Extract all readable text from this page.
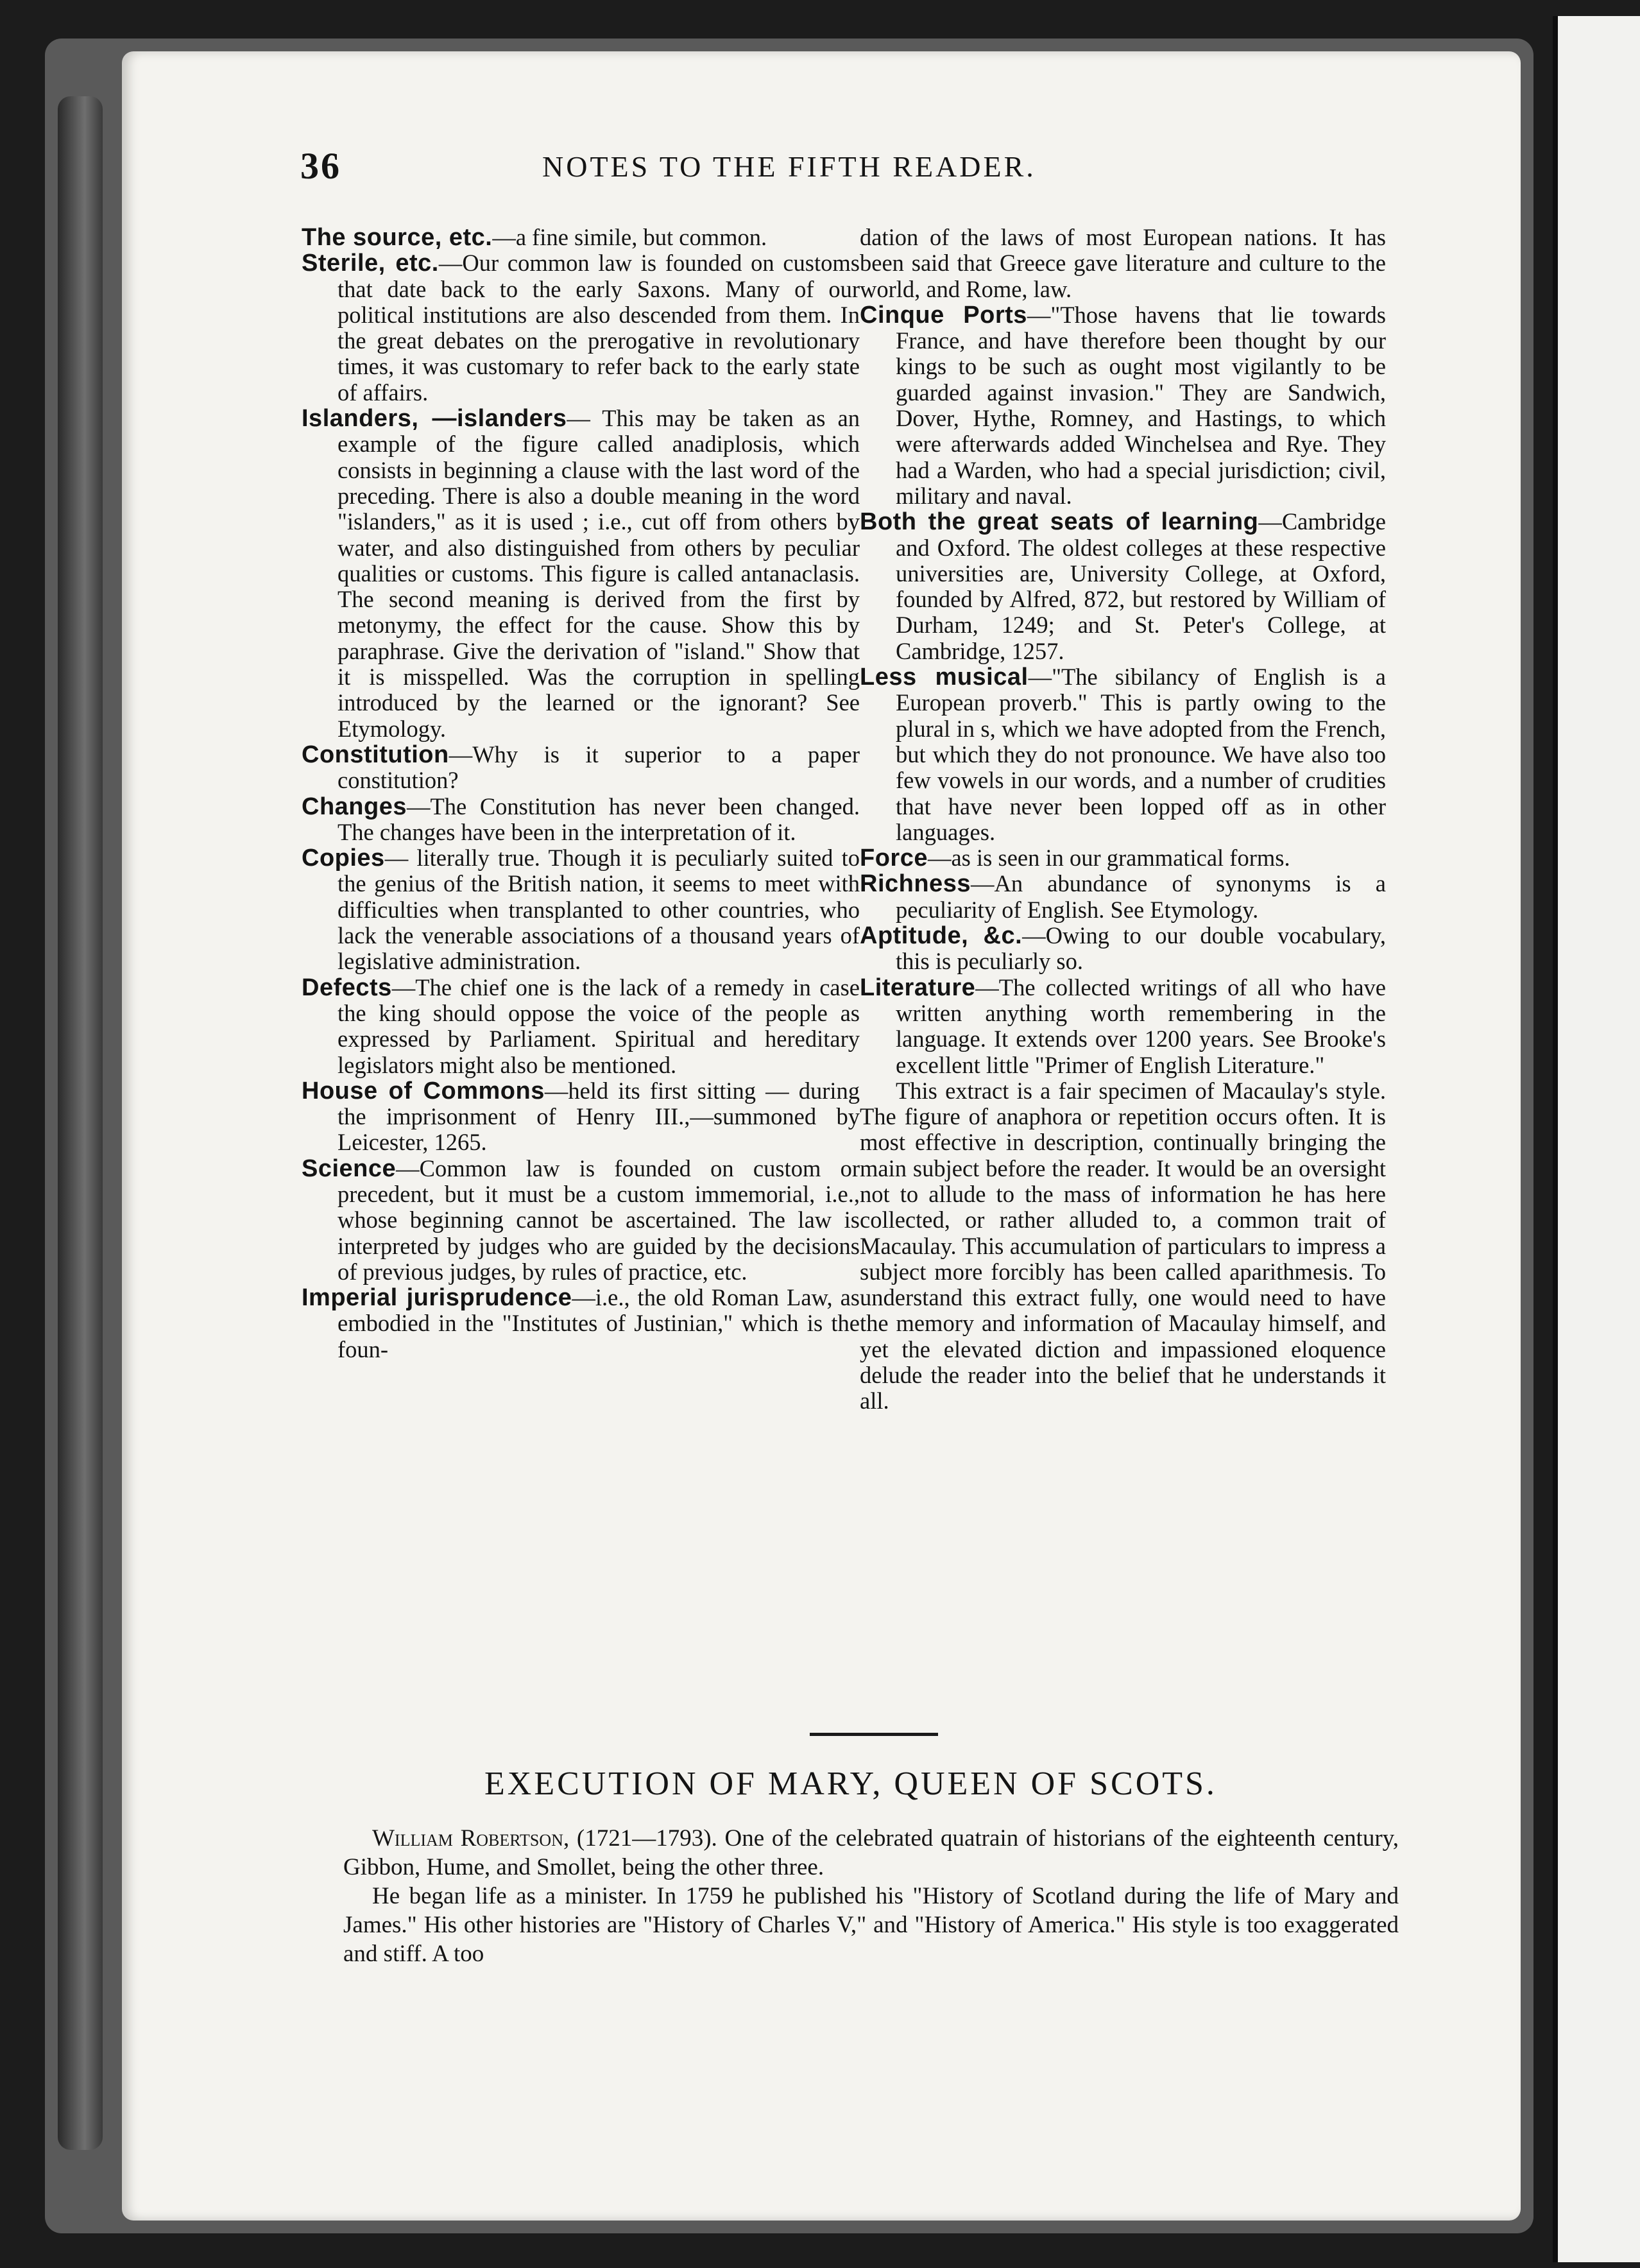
36	NOTES TO THE FIFTH READER.

The source, etc.—a fine simile, but common.

Sterile, etc.—Our common law is founded on customs that date back to the early Saxons. Many of our political institutions are also descended from them. In the great debates on the prerogative in revolutionary times, it was customary to refer back to the early state of affairs.

Islanders, —islanders— This may be taken as an example of the figure called anadiplosis, which consists in beginning a clause with the last word of the preceding. There is also a double meaning in the word "islanders," as it is used ; i.e., cut off from others by water, and also distinguished from others by peculiar qualities or customs. This figure is called antanaclasis. The second meaning is derived from the first by metonymy, the effect for the cause. Show this by paraphrase. Give the derivation of "island." Show that it is misspelled. Was the corruption in spelling introduced by the learned or the ignorant? See Etymology.

Constitution—Why is it superior to a paper constitution?

Changes—The Constitution has never been changed. The changes have been in the interpretation of it.

Copies— literally true. Though it is peculiarly suited to the genius of the British nation, it seems to meet with difficulties when transplanted to other countries, who lack the venerable associations of a thousand years of legislative administration.

Defects—The chief one is the lack of a remedy in case the king should oppose the voice of the people as expressed by Parliament. Spiritual and hereditary legislators might also be mentioned.

House of Commons—held its first sitting — during the imprisonment of Henry III.,—summoned by Leicester, 1265.

Science—Common law is founded on custom or precedent, but it must be a custom immemorial, i.e., whose beginning cannot be ascertained. The law is interpreted by judges who are guided by the decisions of previous judges, by rules of practice, etc.

Imperial jurisprudence—i.e., the old Roman Law, as embodied in the "Institutes of Justinian," which is the foun-

dation of the laws of most European nations. It has been said that Greece gave literature and culture to the world, and Rome, law.

Cinque Ports—"Those havens that lie towards France, and have therefore been thought by our kings to be such as ought most vigilantly to be guarded against invasion." They are Sandwich, Dover, Hythe, Romney, and Hastings, to which were afterwards added Winchelsea and Rye. They had a Warden, who had a special jurisdiction; civil, military and naval.

Both the great seats of learning—Cambridge and Oxford. The oldest colleges at these respective universities are, University College, at Oxford, founded by Alfred, 872, but restored by William of Durham, 1249; and St. Peter's College, at Cambridge, 1257.

Less musical—"The sibilancy of English is a European proverb." This is partly owing to the plural in s, which we have adopted from the French, but which they do not pronounce. We have also too few vowels in our words, and a number of crudities that have never been lopped off as in other languages.

Force—as is seen in our grammatical forms.

Richness—An abundance of synonyms is a peculiarity of English. See Etymology.

Aptitude, &c.—Owing to our double vocabulary, this is peculiarly so.

Literature—The collected writings of all who have written anything worth remembering in the language. It extends over 1200 years. See Brooke's excellent little "Primer of English Literature."

This extract is a fair specimen of Macaulay's style. The figure of anaphora or repetition occurs often. It is most effective in description, continually bringing the main subject before the reader. It would be an oversight not to allude to the mass of information he has here collected, or rather alluded to, a common trait of Macaulay. This accumulation of particulars to impress a subject more forcibly has been called aparithmesis. To understand this extract fully, one would need to have the memory and information of Macaulay himself, and yet the elevated diction and impassioned eloquence delude the reader into the belief that he understands it all.

EXECUTION OF MARY, QUEEN OF SCOTS.

William Robertson, (1721—1793). One of the celebrated quatrain of historians of the eighteenth century, Gibbon, Hume, and Smollet, being the other three.

He began life as a minister. In 1759 he published his "History of Scotland during the life of Mary and James." His other histories are "History of Charles V," and "History of America." His style is too exaggerated and stiff. A too
